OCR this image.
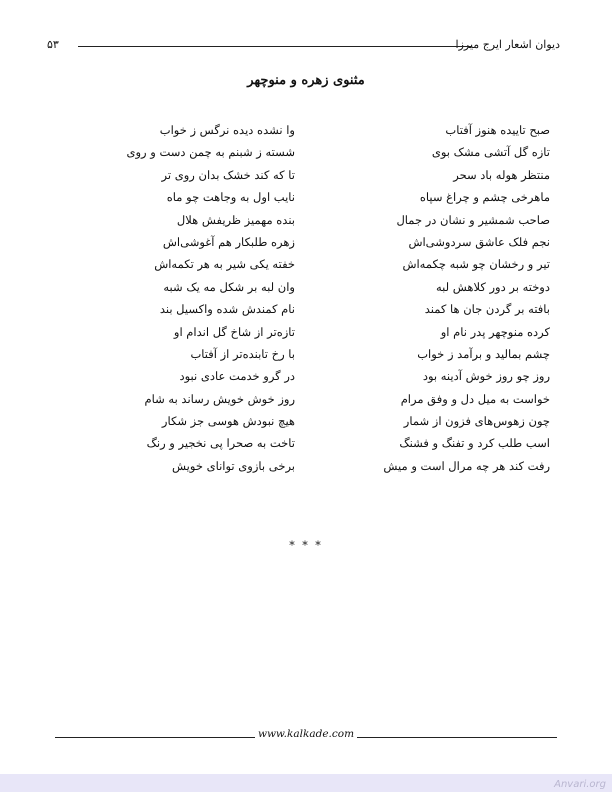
دیوان اشعار ایرج میرزا
۵۳
مثنوی زهره و منوچهر
وا نشده دیده نرگس ز خواب	صبح تاییده هنوز آفتاب
شسته ز شبنم به چمن دست و روی	تازه گل آتشی مشک بوی
تا که کند خشک بدان روی تر	منتظر هوله باد سحر
نایب اول به وجاهت چو ماه	ماهرخی چشم و چراغ سپاه
بنده مهمیز ظریفش هلال	صاحب شمشیر و نشان در جمال
زهره طلبکار هم آغوشی‌اش	نجم فلک عاشق سردوشی‌اش
خفته یکی شیر به هر تکمه‌اش	تیر و رخشان چو شبه چکمه‌اش
وان لبه بر شکل مه یک شبه	دوخته بر دور کلاهش لبه
نام کمندش شده واکسیل بند	بافته بر گردن جان ها کمند
تازه‌تر از شاخ گل اندام او	کرده منوچهر پدر نام او
با رخ تابنده‌تر از آفتاب	چشم بمالید و برآمد ز خواب
در گرو خدمت عادی نبود	روز چو روز خوش آدینه بود
روز خوش خویش رساند به شام	خواست به میل دل و وفق مرام
هیچ نبودش هوسی جز شکار	چون زهوس‌های فزون از شمار
تاخت به صحرا پی نخجیر و رنگ	اسب طلب کرد و تفنگ و فشنگ
برخی بازوی توانای خویش	رفت کند هر چه مرال است و میش
* * *
www.kalkade.com
Anvari.org
